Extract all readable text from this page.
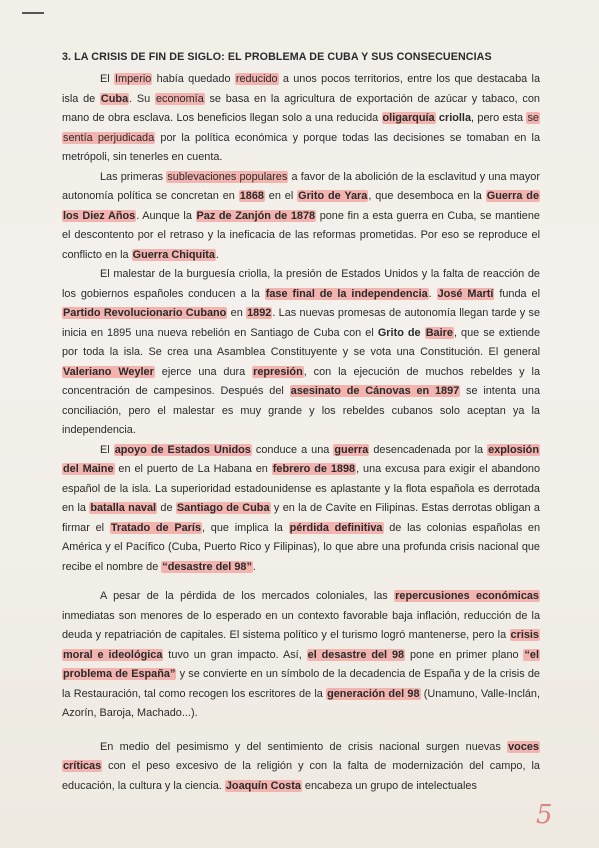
3. LA CRISIS DE FIN DE SIGLO: EL PROBLEMA DE CUBA Y SUS CONSECUENCIAS

El Imperio había quedado reducido a unos pocos territorios, entre los que destacaba la isla de Cuba. Su economía se basa en la agricultura de exportación de azúcar y tabaco, con mano de obra esclava. Los beneficios llegan solo a una reducida oligarquía criolla, pero esta se sentía perjudicada por la política económica y porque todas las decisiones se tomaban en la metrópoli, sin tenerles en cuenta.

Las primeras sublevaciones populares a favor de la abolición de la esclavitud y una mayor autonomía política se concretan en 1868 en el Grito de Yara, que desemboca en la Guerra de los Diez Años. Aunque la Paz de Zanjón de 1878 pone fin a esta guerra en Cuba, se mantiene el descontento por el retraso y la ineficacia de las reformas prometidas. Por eso se reproduce el conflicto en la Guerra Chiquita.

El malestar de la burguesía criolla, la presión de Estados Unidos y la falta de reacción de los gobiernos españoles conducen a la fase final de la independencia. José Martí funda el Partido Revolucionario Cubano en 1892. Las nuevas promesas de autonomía llegan tarde y se inicia en 1895 una nueva rebelión en Santiago de Cuba con el Grito de Baire, que se extiende por toda la isla. Se crea una Asamblea Constituyente y se vota una Constitución. El general Valeriano Weyler ejerce una dura represión, con la ejecución de muchos rebeldes y la concentración de campesinos. Después del asesinato de Cánovas en 1897 se intenta una conciliación, pero el malestar es muy grande y los rebeldes cubanos solo aceptan ya la independencia.

El apoyo de Estados Unidos conduce a una guerra desencadenada por la explosión del Maine en el puerto de La Habana en febrero de 1898, una excusa para exigir el abandono español de la isla. La superioridad estadounidense es aplastante y la flota española es derrotada en la batalla naval de Santiago de Cuba y en la de Cavite en Filipinas. Estas derrotas obligan a firmar el Tratado de París, que implica la pérdida definitiva de las colonias españolas en América y el Pacífico (Cuba, Puerto Rico y Filipinas), lo que abre una profunda crisis nacional que recibe el nombre de “desastre del 98”.

A pesar de la pérdida de los mercados coloniales, las repercusiones económicas inmediatas son menores de lo esperado en un contexto favorable baja inflación, reducción de la deuda y repatriación de capitales. El sistema político y el turismo logró mantenerse, pero la crisis moral e ideológica tuvo un gran impacto. Así, el desastre del 98 pone en primer plano “el problema de España” y se convierte en un símbolo de la decadencia de España y de la crisis de la Restauración, tal como recogen los escritores de la generación del 98 (Unamuno, Valle-Inclán, Azorín, Baroja, Machado...).

En medio del pesimismo y del sentimiento de crisis nacional surgen nuevas voces críticas con el peso excesivo de la religión y con la falta de modernización del campo, la educación, la cultura y la ciencia. Joaquín Costa encabeza un grupo de intelectuales

5
